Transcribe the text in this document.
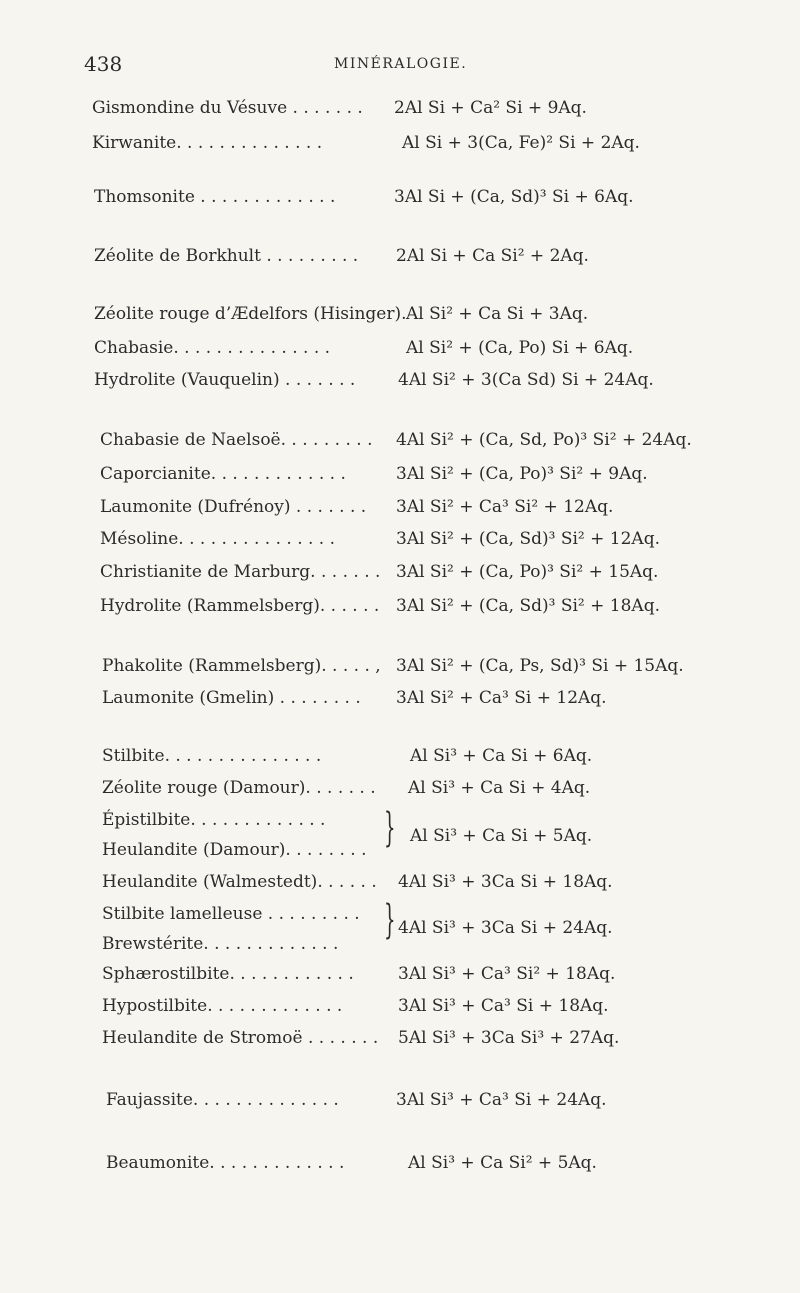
438	MINÉRALOGIE.
Gismondine du Vésuve . . . . . . . 2Al Si + Ca² Si + 9Aq.
Kirwanite. . . . . . . . . . . . . .	Al Si + 3(Ca, Fe)² Si + 2Aq.
Thomsonite . . . . . . . . . . . . .	3Al Si + (Ca, Sd)³ Si + 6Aq.
Zéolite de Borkhult . . . . . . . . . 2Al Si + Ca Si² + 2Aq.
Zéolite rouge d’Ædelfors (Hisinger). Al Si² + Ca Si + 3Aq.
Chabasie. . . . . . . . . . . . . . .	Al Si² + (Ca, Po) Si + 6Aq.
Hydrolite (Vauquelin) . . . . . . .	4Al Si² + 3(Ca Sd) Si + 24Aq.
Chabasie de Naelsoë. . . . . . . . . 4Al Si² + (Ca, Sd, Po)³ Si² + 24Aq.
Caporcianite. . . . . . . . . . . . .	3Al Si² + (Ca, Po)³ Si² + 9Aq.
Laumonite (Dufrénoy) . . . . . . . 3Al Si² + Ca³ Si² + 12Aq.
Mésoline. . . . . . . . . . . . . . .	3Al Si² + (Ca, Sd)³ Si² + 12Aq.
Christianite de Marburg. . . . . . . 3Al Si² + (Ca, Po)³ Si² + 15Aq.
Hydrolite (Rammelsberg). . . . . . 3Al Si² + (Ca, Sd)³ Si² + 18Aq.
Phakolite (Rammelsberg). . . . . , 3Al Si² + (Ca, Ps, Sd)³ Si + 15Aq.
Laumonite (Gmelin) . . . . . . . . 3Al Si² + Ca³ Si + 12Aq.
Stilbite. . . . . . . . . . . . . . .	Al Si³ + Ca Si + 6Aq.
Zéolite rouge (Damour). . . . . . . Al Si³ + Ca Si + 4Aq.
Épistilbite. . . . . . . . . . . . .
Heulandite (Damour). . . . . . . . } Al Si³ + Ca Si + 5Aq.
Heulandite (Walmestedt). . . . . . 4Al Si³ + 3Ca Si + 18Aq.
Stilbite lamelleuse . . . . . . . . .
Brewstérite. . . . . . . . . . . . .
} 4Al Si³ + 3Ca Si + 24Aq.
Sphærostilbite. . . . . . . . . . . .	3Al Si³ + Ca³ Si² + 18Aq.
Hypostilbite. . . . . . . . . . . . .	3Al Si³ + Ca³ Si + 18Aq.
Heulandite de Stromoë . . . . . . . 5Al Si³ + 3Ca Si³ + 27Aq.
Faujassite. . . . . . . . . . . . . .	3Al Si³ + Ca³ Si + 24Aq.
Beaumonite. . . . . . . . . . . . .	Al Si³ + Ca Si² + 5Aq.
